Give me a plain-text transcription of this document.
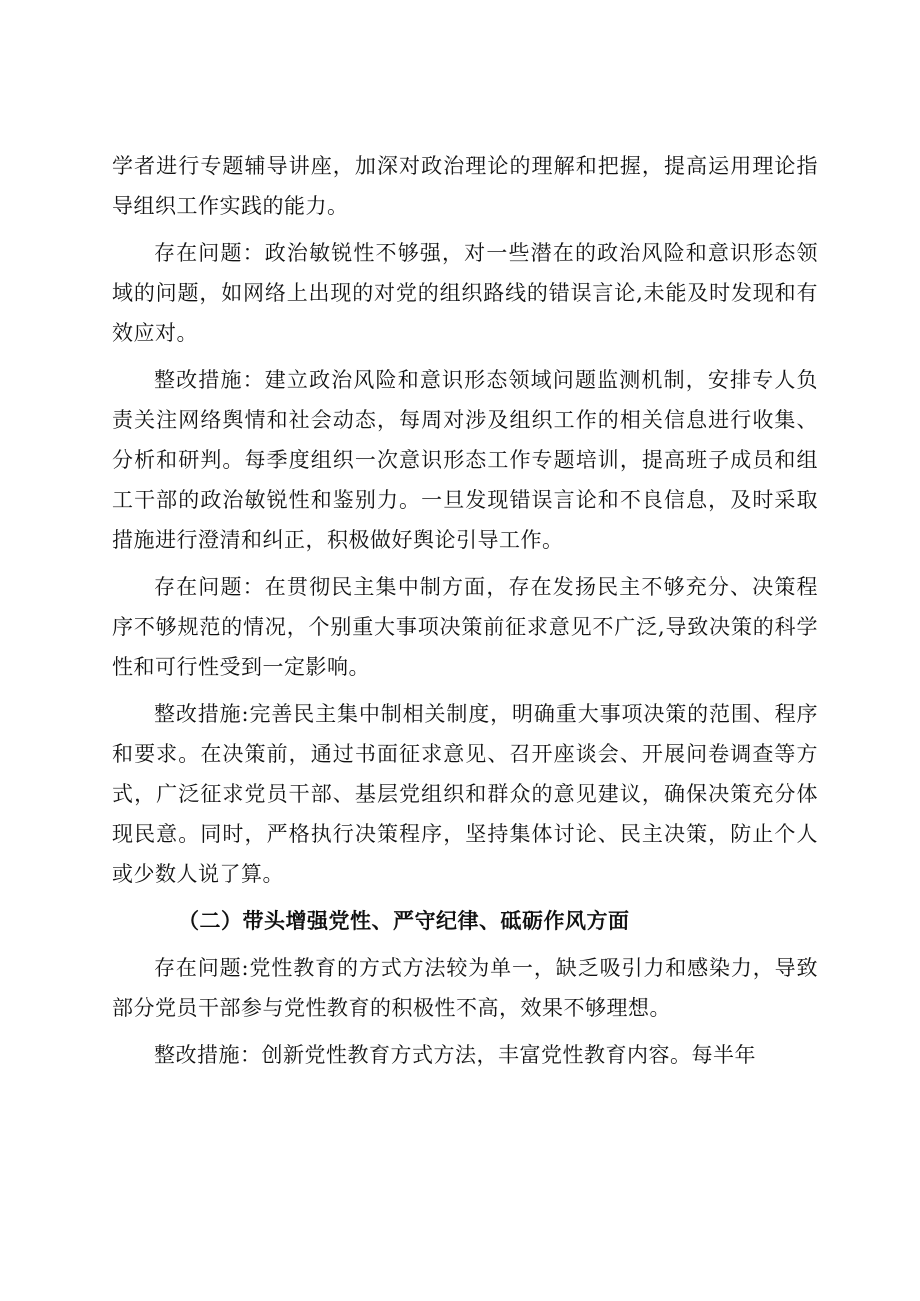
学者进行专题辅导讲座，加深对政治理论的理解和把握，提高运用理论指导组织工作实践的能力。

存在问题：政治敏锐性不够强，对一些潜在的政治风险和意识形态领域的问题，如网络上出现的对党的组织路线的错误言论,未能及时发现和有效应对。

整改措施：建立政治风险和意识形态领域问题监测机制，安排专人负责关注网络舆情和社会动态，每周对涉及组织工作的相关信息进行收集、分析和研判。每季度组织一次意识形态工作专题培训，提高班子成员和组工干部的政治敏锐性和鉴别力。一旦发现错误言论和不良信息，及时采取措施进行澄清和纠正，积极做好舆论引导工作。

存在问题：在贯彻民主集中制方面，存在发扬民主不够充分、决策程序不够规范的情况，个别重大事项决策前征求意见不广泛,导致决策的科学性和可行性受到一定影响。

整改措施:完善民主集中制相关制度，明确重大事项决策的范围、程序和要求。在决策前，通过书面征求意见、召开座谈会、开展问卷调查等方式，广泛征求党员干部、基层党组织和群众的意见建议，确保决策充分体现民意。同时，严格执行决策程序，坚持集体讨论、民主决策，防止个人或少数人说了算。

（二）带头增强党性、严守纪律、砥砺作风方面

存在问题:党性教育的方式方法较为单一，缺乏吸引力和感染力，导致部分党员干部参与党性教育的积极性不高，效果不够理想。

整改措施：创新党性教育方式方法，丰富党性教育内容。每半年
